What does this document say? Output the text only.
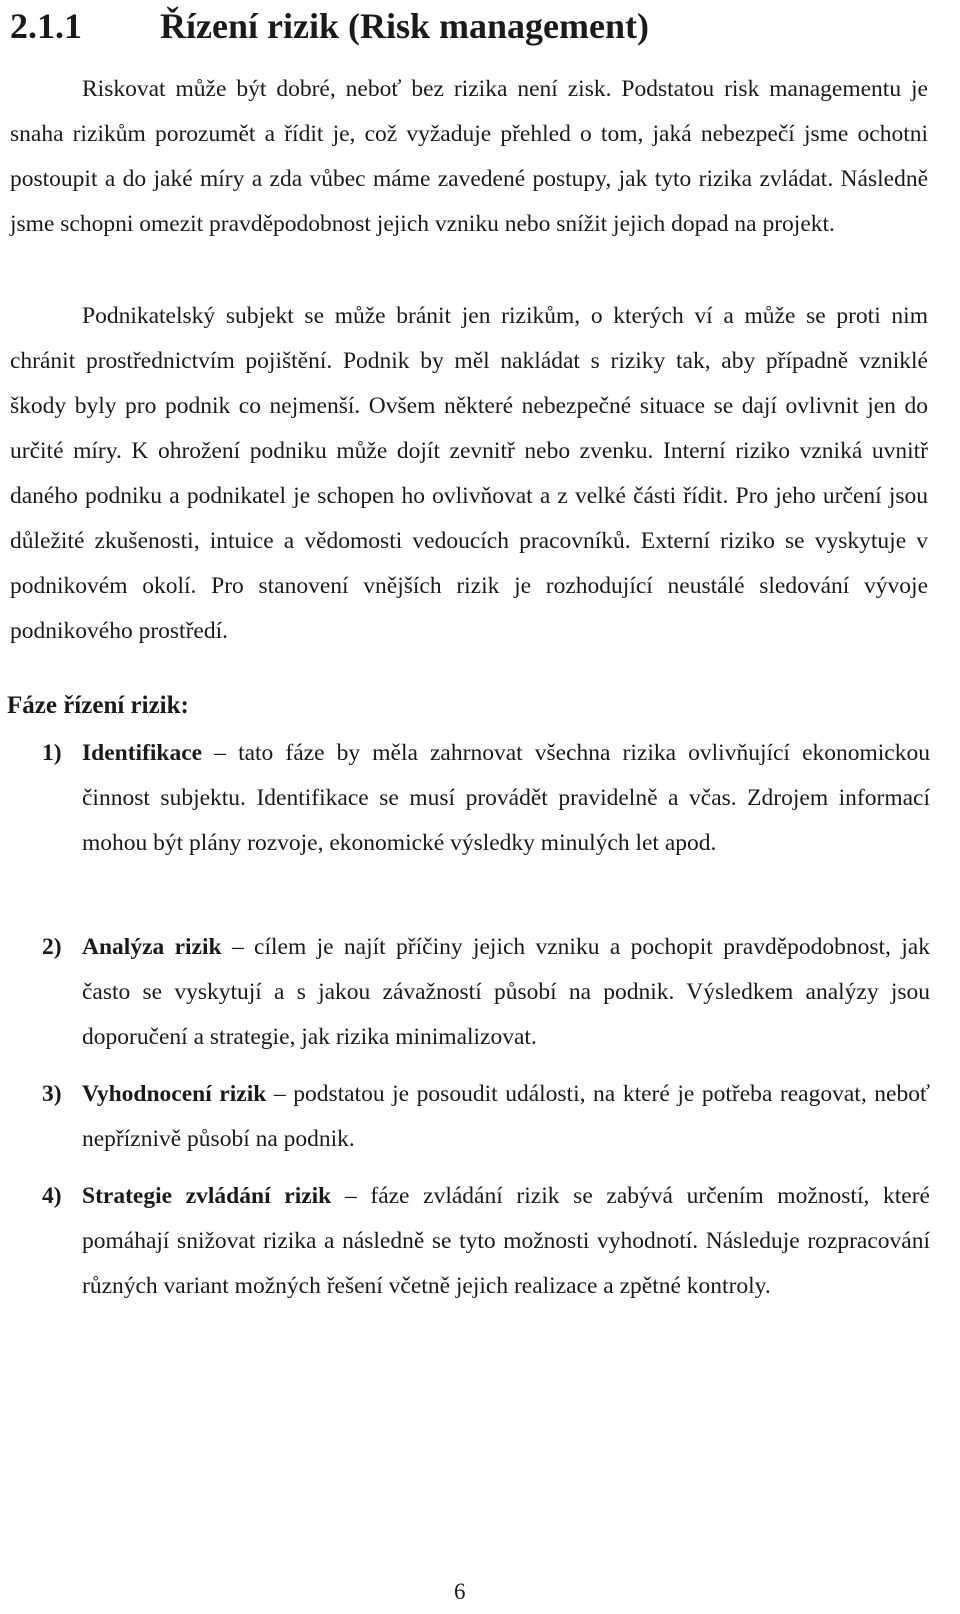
2.1.1 Řízení rizik (Risk management)

Riskovat může být dobré, neboť bez rizika není zisk. Podstatou risk managementu je snaha rizikům porozumět a řídit je, což vyžaduje přehled o tom, jaká nebezpečí jsme ochotni postoupit a do jaké míry a zda vůbec máme zavedené postupy, jak tyto rizika zvládat. Následně jsme schopni omezit pravděpodobnost jejich vzniku nebo snížit jejich dopad na projekt.

Podnikatelský subjekt se může bránit jen rizikům, o kterých ví a může se proti nim chránit prostřednictvím pojištění. Podnik by měl nakládat s riziky tak, aby případně vzniklé škody byly pro podnik co nejmenší. Ovšem některé nebezpečné situace se dají ovlivnit jen do určité míry. K ohrožení podniku může dojít zevnitř nebo zvenku. Interní riziko vzniká uvnitř daného podniku a podnikatel je schopen ho ovlivňovat a z velké části řídit. Pro jeho určení jsou důležité zkušenosti, intuice a vědomosti vedoucích pracovníků. Externí riziko se vyskytuje v podnikovém okolí. Pro stanovení vnějších rizik je rozhodující neustálé sledování vývoje podnikového prostředí.

Fáze řízení rizik:
1) Identifikace – tato fáze by měla zahrnovat všechna rizika ovlivňující ekonomickou činnost subjektu. Identifikace se musí provádět pravidelně a včas. Zdrojem informací mohou být plány rozvoje, ekonomické výsledky minulých let apod.

2) Analýza rizik – cílem je najít příčiny jejich vzniku a pochopit pravděpodobnost, jak často se vyskytují a s jakou závažností působí na podnik. Výsledkem analýzy jsou doporučení a strategie, jak rizika minimalizovat.

3) Vyhodnocení rizik – podstatou je posoudit události, na které je potřeba reagovat, neboť nepříznivě působí na podnik.

4) Strategie zvládání rizik – fáze zvládání rizik se zabývá určením možností, které pomáhají snižovat rizika a následně se tyto možnosti vyhodnotí. Následuje rozpracování různých variant možných řešení včetně jejich realizace a zpětné kontroly.

6
